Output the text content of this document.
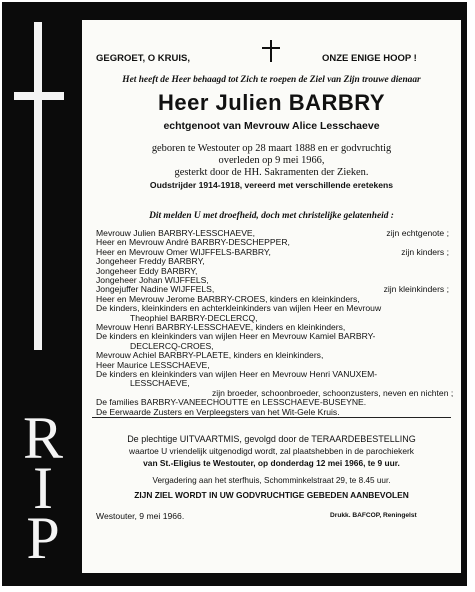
R
I
P
GEGROET, O KRUIS,	ONZE ENIGE HOOP !
Het heeft de Heer behaagd tot Zich te roepen de Ziel van Zijn trouwe dienaar
Heer Julien BARBRY
echtgenoot van Mevrouw Alice Lesschaeve
geboren te Westouter op 28 maart 1888 en er godvruchtig
overleden op 9 mei 1966,
gesterkt door de HH. Sakramenten der Zieken.
Oudstrijder 1914-1918, vereerd met verschillende eretekens
Dit melden U met droefheid, doch met christelijke gelatenheid :
Mevrouw Julien BARBRY-LESSCHAEVE,	zijn echtgenote ;
Heer en Mevrouw André BARBRY-DESCHEPPER,
Heer en Mevrouw Omer WIJFFELS-BARBRY,	zijn kinders ;
Jongeheer Freddy BARBRY,
Jongeheer Eddy BARBRY,
Jongeheer Johan WIJFFELS,
Jongejuffer Nadine WIJFFELS,	zijn kleinkinders ;
Heer en Mevrouw Jerome BARBRY-CROES, kinders en kleinkinders,
De kinders, kleinkinders en achterkleinkinders van wijlen Heer en Mevrouw
Theophiel BARBRY-DECLERCQ,
Mevrouw Henri BARBRY-LESSCHAEVE, kinders en kleinkinders,
De kinders en kleinkinders van wijlen Heer en Mevrouw Kamiel BARBRY-
DECLERCQ-CROES,
Mevrouw Achiel BARBRY-PLAETE, kinders en kleinkinders,
Heer Maurice LESSCHAEVE,
De kinders en kleinkinders van wijlen Heer en Mevrouw Henri VANUXEM-
LESSCHAEVE,
zijn broeder, schoonbroeder, schoonzusters, neven en nichten ;
De families BARBRY-VANEECHOUTTE en LESSCHAEVE-BUSEYNE.
De Eerwaarde Zusters en Verpleegsters van het Wit-Gele Kruis.
De plechtige UITVAARTMIS, gevolgd door de TERAARDEBESTELLING
waartoe U vriendelijk uitgenodigd wordt, zal plaatshebben in de parochiekerk
van St.-Eligius te Westouter, op donderdag 12 mei 1966, te 9 uur.
Vergadering aan het sterfhuis, Schomminkelstraat 29, te 8.45 uur.
ZIJN ZIEL WORDT IN UW GODVRUCHTIGE GEBEDEN AANBEVOLEN
Westouter, 9 mei 1966.	Drukk. BAFCOP, Reningelst
